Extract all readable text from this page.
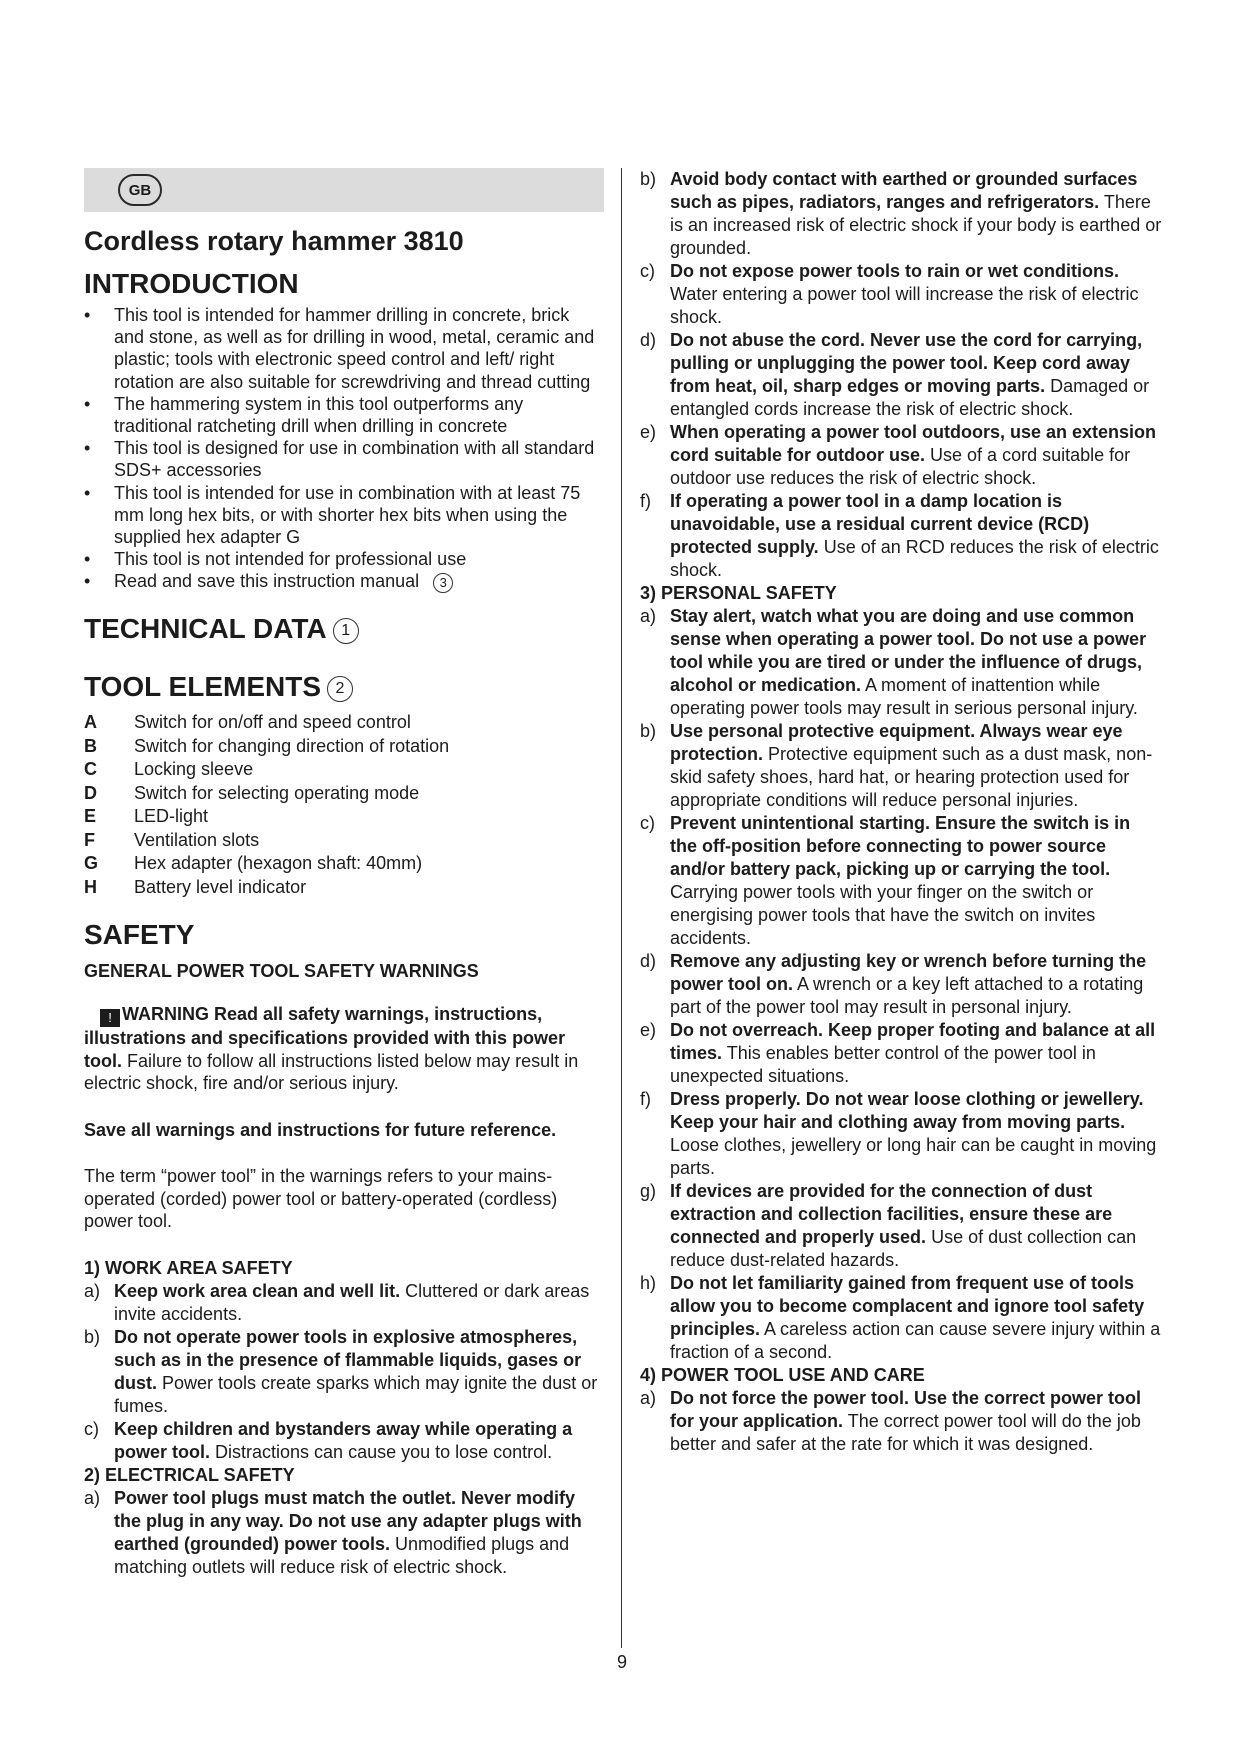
GB
Cordless rotary hammer 3810
INTRODUCTION
• This tool is intended for hammer drilling in concrete, brick and stone, as well as for drilling in wood, metal, ceramic and plastic; tools with electronic speed control and left/ right rotation are also suitable for screwdriving and thread cutting
• The hammering system in this tool outperforms any traditional ratcheting drill when drilling in concrete
• This tool is designed for use in combination with all standard SDS+ accessories
• This tool is intended for use in combination with at least 75 mm long hex bits, or with shorter hex bits when using the supplied hex adapter G
• This tool is not intended for professional use
• Read and save this instruction manual 3
TECHNICAL DATA 1
TOOL ELEMENTS 2
A	Switch for on/off and speed control
B	Switch for changing direction of rotation
C	Locking sleeve
D	Switch for selecting operating mode
E	LED-light
F	Ventilation slots
G	Hex adapter (hexagon shaft: 40mm)
H	Battery level indicator
SAFETY
GENERAL POWER TOOL SAFETY WARNINGS

! WARNING Read all safety warnings, instructions, illustrations and specifications provided with this power tool. Failure to follow all instructions listed below may result in electric shock, fire and/or serious injury.

Save all warnings and instructions for future reference.

The term “power tool” in the warnings refers to your mains-operated (corded) power tool or battery-operated (cordless) power tool.

1) WORK AREA SAFETY
a) Keep work area clean and well lit. Cluttered or dark areas invite accidents.
b) Do not operate power tools in explosive atmospheres, such as in the presence of flammable liquids, gases or dust. Power tools create sparks which may ignite the dust or fumes.
c) Keep children and bystanders away while operating a power tool. Distractions can cause you to lose control.
2) ELECTRICAL SAFETY
a) Power tool plugs must match the outlet. Never modify the plug in any way. Do not use any adapter plugs with earthed (grounded) power tools. Unmodified plugs and matching outlets will reduce risk of electric shock.
b) Avoid body contact with earthed or grounded surfaces such as pipes, radiators, ranges and refrigerators. There is an increased risk of electric shock if your body is earthed or grounded.
c) Do not expose power tools to rain or wet conditions. Water entering a power tool will increase the risk of electric shock.
d) Do not abuse the cord. Never use the cord for carrying, pulling or unplugging the power tool. Keep cord away from heat, oil, sharp edges or moving parts. Damaged or entangled cords increase the risk of electric shock.
e) When operating a power tool outdoors, use an extension cord suitable for outdoor use. Use of a cord suitable for outdoor use reduces the risk of electric shock.
f)	If operating a power tool in a damp location is unavoidable, use a residual current device (RCD) protected supply. Use of an RCD reduces the risk of electric shock.
3) PERSONAL SAFETY
a) Stay alert, watch what you are doing and use common sense when operating a power tool. Do not use a power tool while you are tired or under the influence of drugs, alcohol or medication. A moment of inattention while operating power tools may result in serious personal injury.
b) Use personal protective equipment. Always wear eye protection. Protective equipment such as a dust mask, non-skid safety shoes, hard hat, or hearing protection used for appropriate conditions will reduce personal injuries.
c) Prevent unintentional starting. Ensure the switch is in the off-position before connecting to power source and/or battery pack, picking up or carrying the tool. Carrying power tools with your finger on the switch or energising power tools that have the switch on invites accidents.
d) Remove any adjusting key or wrench before turning the power tool on. A wrench or a key left attached to a rotating part of the power tool may result in personal injury.
e) Do not overreach. Keep proper footing and balance at all times. This enables better control of the power tool in unexpected situations.
f)	Dress properly. Do not wear loose clothing or jewellery. Keep your hair and clothing away from moving parts. Loose clothes, jewellery or long hair can be caught in moving parts.
g) If devices are provided for the connection of dust extraction and collection facilities, ensure these are connected and properly used. Use of dust collection can reduce dust-related hazards.
h) Do not let familiarity gained from frequent use of tools allow you to become complacent and ignore tool safety principles. A careless action can cause severe injury within a fraction of a second.
4) POWER TOOL USE AND CARE
a) Do not force the power tool. Use the correct power tool for your application. The correct power tool will do the job better and safer at the rate for which it was designed.
9
